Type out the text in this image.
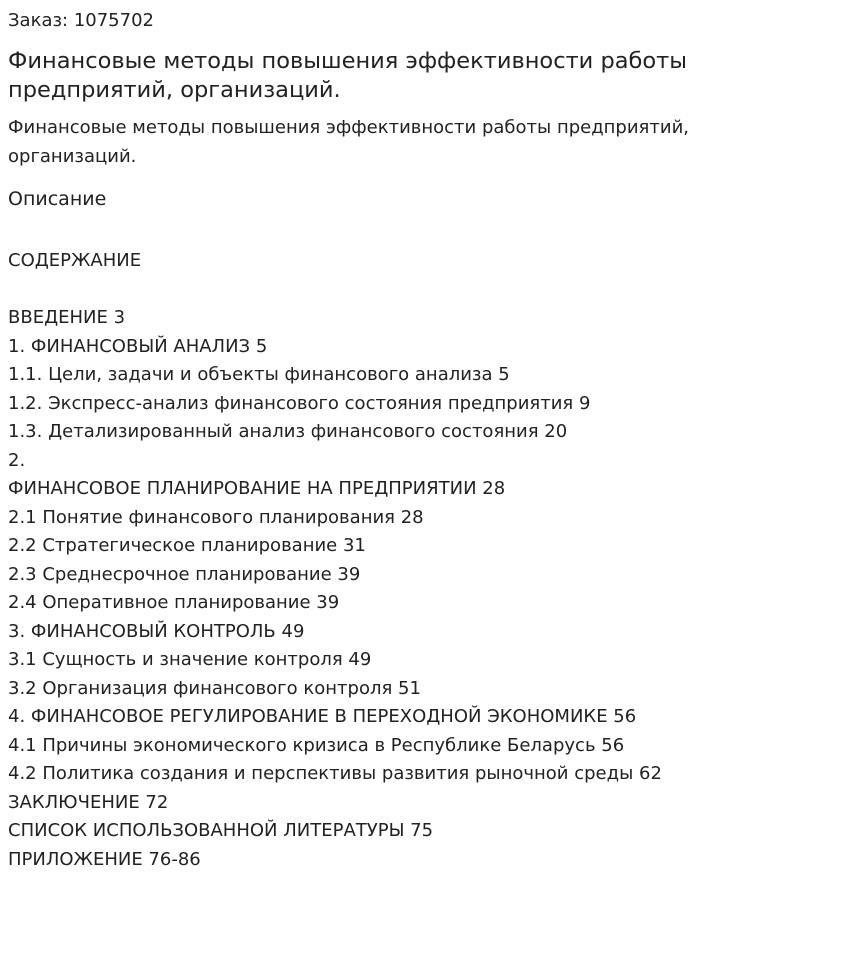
Заказ: 1075702
Финансовые методы повышения эффективности работы предприятий, организаций.

Финансовые методы повышения эффективности работы предприятий, организаций.

Описание
СОДЕРЖАНИЕ
ВВЕДЕНИЕ 3
1. ФИНАНСОВЫЙ АНАЛИЗ 5
1.1. Цели, задачи и объекты финансового анализа 5
1.2. Экспресс-анализ финансового состояния предприятия 9
1.3. Детализированный анализ финансового состояния 20
2.
ФИНАНСОВОЕ ПЛАНИРОВАНИЕ НА ПРЕДПРИЯТИИ 28
2.1 Понятие финансового планирования 28
2.2 Стратегическое планирование 31
2.3 Среднесрочное планирование 39
2.4 Оперативное планирование 39
3. ФИНАНСОВЫЙ КОНТРОЛЬ 49
3.1 Сущность и значение контроля 49
3.2 Организация финансового контроля 51
4. ФИНАНСОВОЕ РЕГУЛИРОВАНИЕ В ПЕРЕХОДНОЙ ЭКОНОМИКЕ 56
4.1 Причины экономического кризиса в Республике Беларусь 56
4.2 Политика создания и перспективы развития рыночной среды 62
ЗАКЛЮЧЕНИЕ 72
СПИСОК ИСПОЛЬЗОВАННОЙ ЛИТЕРАТУРЫ 75
ПРИЛОЖЕНИЕ 76-86
